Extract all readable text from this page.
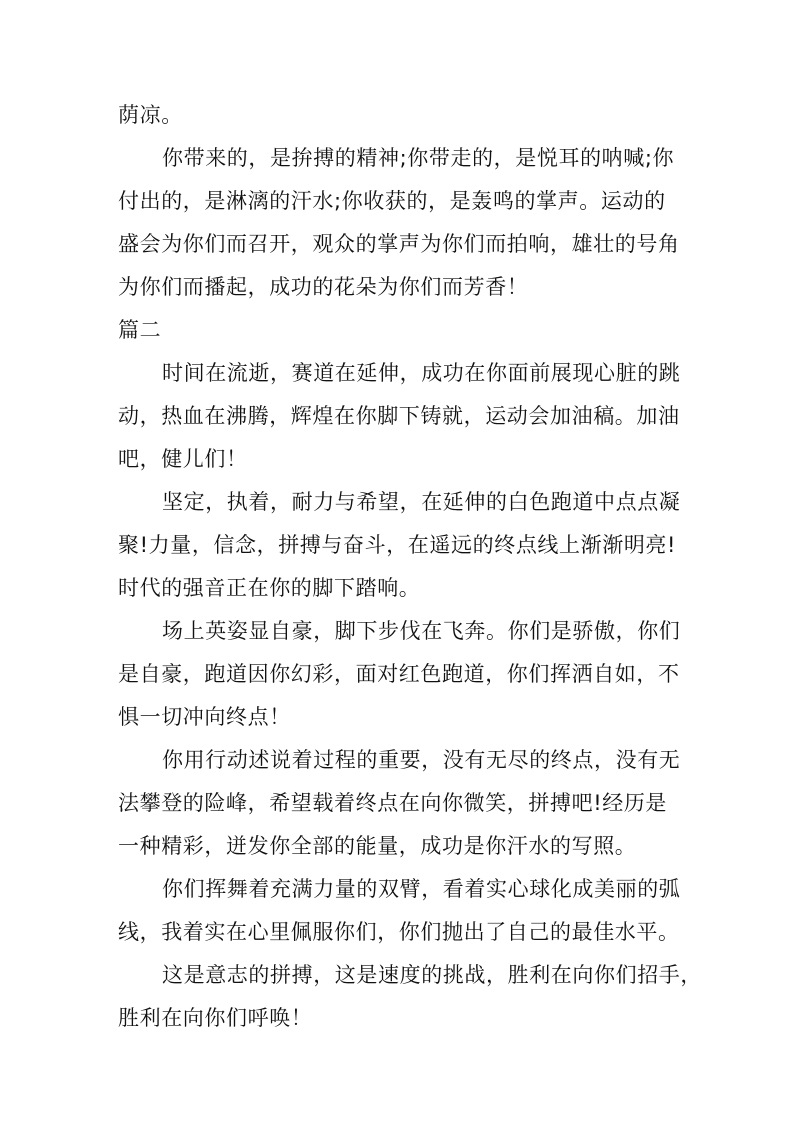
荫凉。
你带来的，是拚搏的精神;你带走的，是悦耳的呐喊;你
付出的，是淋漓的汗水;你收获的，是轰鸣的掌声。运动的
盛会为你们而召开，观众的掌声为你们而拍响，雄壮的号角
为你们而播起，成功的花朵为你们而芳香！
篇二
时间在流逝，赛道在延伸，成功在你面前展现心脏的跳
动，热血在沸腾，辉煌在你脚下铸就，运动会加油稿。加油
吧，健儿们！
坚定，执着，耐力与希望，在延伸的白色跑道中点点凝
聚!力量，信念，拼搏与奋斗，在遥远的终点线上渐渐明亮!
时代的强音正在你的脚下踏响。
场上英姿显自豪，脚下步伐在飞奔。你们是骄傲，你们
是自豪，跑道因你幻彩，面对红色跑道，你们挥洒自如，不
惧一切冲向终点！
你用行动述说着过程的重要，没有无尽的终点，没有无
法攀登的险峰，希望载着终点在向你微笑，拼搏吧!经历是
一种精彩，迸发你全部的能量，成功是你汗水的写照。
你们挥舞着充满力量的双臂，看着实心球化成美丽的弧
线，我着实在心里佩服你们，你们抛出了自己的最佳水平。
这是意志的拼搏，这是速度的挑战，胜利在向你们招手，
胜利在向你们呼唤！
